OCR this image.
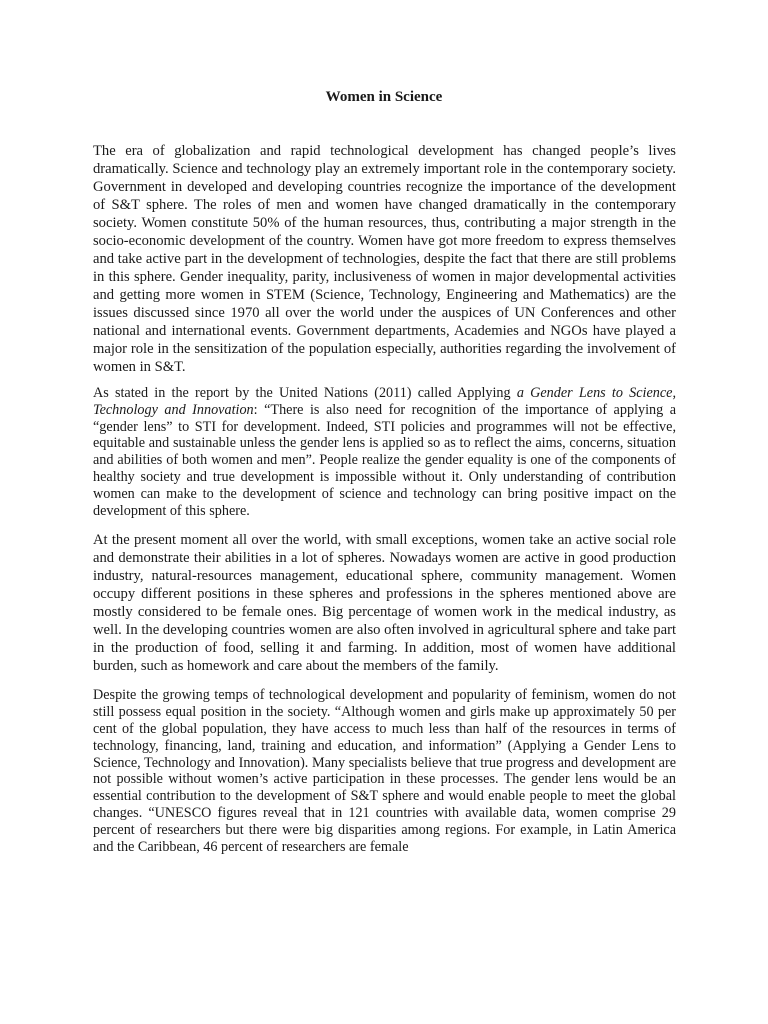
Women in Science

The era of globalization and rapid technological development has changed people’s lives dramatically. Science and technology play an extremely important role in the contemporary society. Government in developed and developing countries recognize the importance of the development of S&T sphere. The roles of men and women have changed dramatically in the contemporary society. Women constitute 50% of the human resources, thus, contributing a major strength in the socio-economic development of the country. Women have got more freedom to express themselves and take active part in the development of technologies, despite the fact that there are still problems in this sphere. Gender inequality, parity, inclusiveness of women in major developmental activities and getting more women in STEM (Science, Technology, Engineering and Mathematics) are the issues discussed since 1970 all over the world under the auspices of UN Conferences and other national and international events. Government departments, Academies and NGOs have played a major role in the sensitization of the population especially, authorities regarding the involvement of women in S&T.

As stated in the report by the United Nations (2011) called Applying a Gender Lens to Science, Technology and Innovation: “There is also need for recognition of the importance of applying a “gender lens” to STI for development. Indeed, STI policies and programmes will not be effective, equitable and sustainable unless the gender lens is applied so as to reflect the aims, concerns, situation and abilities of both women and men”. People realize the gender equality is one of the components of healthy society and true development is impossible without it. Only understanding of contribution women can make to the development of science and technology can bring positive impact on the development of this sphere.

At the present moment all over the world, with small exceptions, women take an active social role and demonstrate their abilities in a lot of spheres. Nowadays women are active in good production industry, natural-resources management, educational sphere, community management. Women occupy different positions in these spheres and professions in the spheres mentioned above are mostly considered to be female ones. Big percentage of women work in the medical industry, as well. In the developing countries women are also often involved in agricultural sphere and take part in the production of food, selling it and farming. In addition, most of women have additional burden, such as homework and care about the members of the family.

Despite the growing temps of technological development and popularity of feminism, women do not still possess equal position in the society. “Although women and girls make up approximately 50 per cent of the global population, they have access to much less than half of the resources in terms of technology, financing, land, training and education, and information” (Applying a Gender Lens to Science, Technology and Innovation). Many specialists believe that true progress and development are not possible without women’s active participation in these processes. The gender lens would be an essential contribution to the development of S&T sphere and would enable people to meet the global changes. “UNESCO figures reveal that in 121 countries with available data, women comprise 29 percent of researchers but there were big disparities among regions. For example, in Latin America and the Caribbean, 46 percent of researchers are female
